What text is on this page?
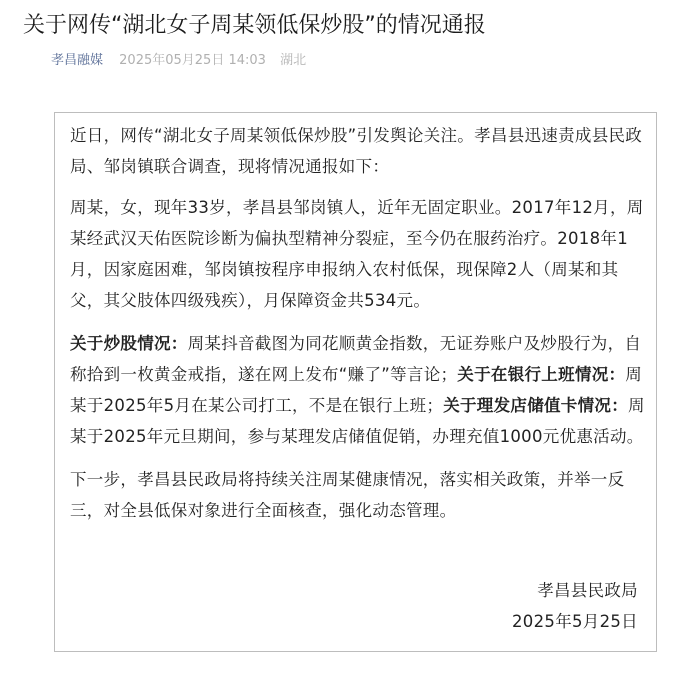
关于网传“湖北女子周某领低保炒股”的情况通报
孝昌融媒 2025年05月25日 14:03 湖北

近日，网传“湖北女子周某领低保炒股”引发舆论关注。孝昌县迅速责成县民政局、邹岗镇联合调查，现将情况通报如下：

周某，女，现年33岁，孝昌县邹岗镇人，近年无固定职业。2017年12月，周某经武汉天佑医院诊断为偏执型精神分裂症，至今仍在服药治疗。2018年1月，因家庭困难，邹岗镇按程序申报纳入农村低保，现保障2人（周某和其父，其父肢体四级残疾），月保障资金共534元。

关于炒股情况：周某抖音截图为同花顺黄金指数，无证券账户及炒股行为，自称拾到一枚黄金戒指，遂在网上发布“赚了”等言论；关于在银行上班情况：周某于2025年5月在某公司打工，不是在银行上班；关于理发店储值卡情况：周某于2025年元旦期间，参与某理发店储值促销，办理充值1000元优惠活动。

下一步，孝昌县民政局将持续关注周某健康情况，落实相关政策，并举一反三，对全县低保对象进行全面核查，强化动态管理。

孝昌县民政局
2025年5月25日
